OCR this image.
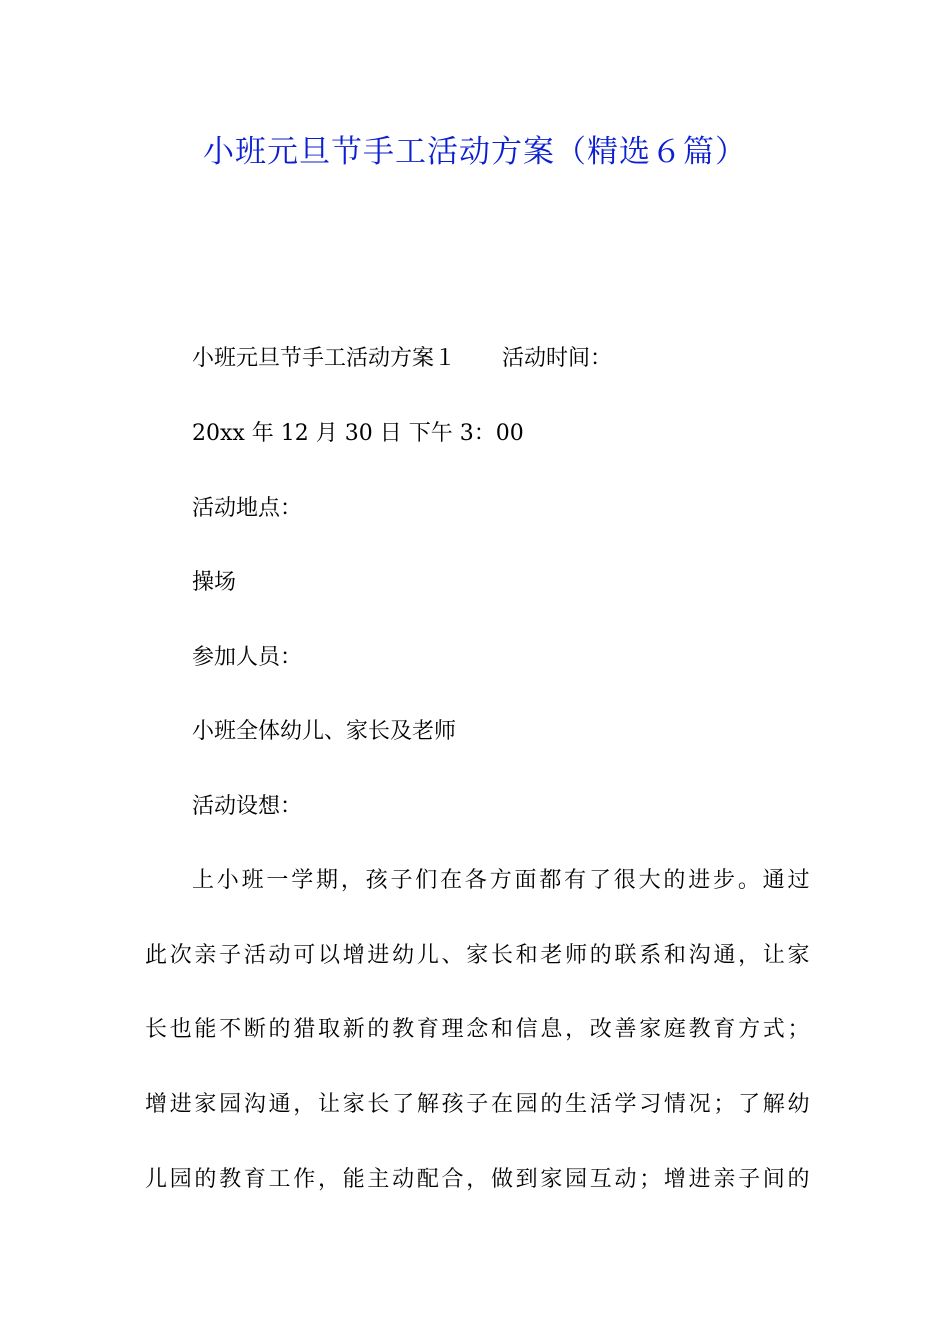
小班元旦节手工活动方案（精选６篇）
小班元旦节手工活动方案１ 活动时间：
20xx 年 12 月 30 日 下午 3：00
活动地点：
操场
参加人员：
小班全体幼儿、家长及老师
活动设想：
上小班一学期，孩子们在各方面都有了很大的进步。通过
此次亲子活动可以增进幼儿、家长和老师的联系和沟通，让家
长也能不断的猎取新的教育理念和信息，改善家庭教育方式；
增进家园沟通，让家长了解孩子在园的生活学习情况；了解幼
儿园的教育工作，能主动配合，做到家园互动；增进亲子间的
